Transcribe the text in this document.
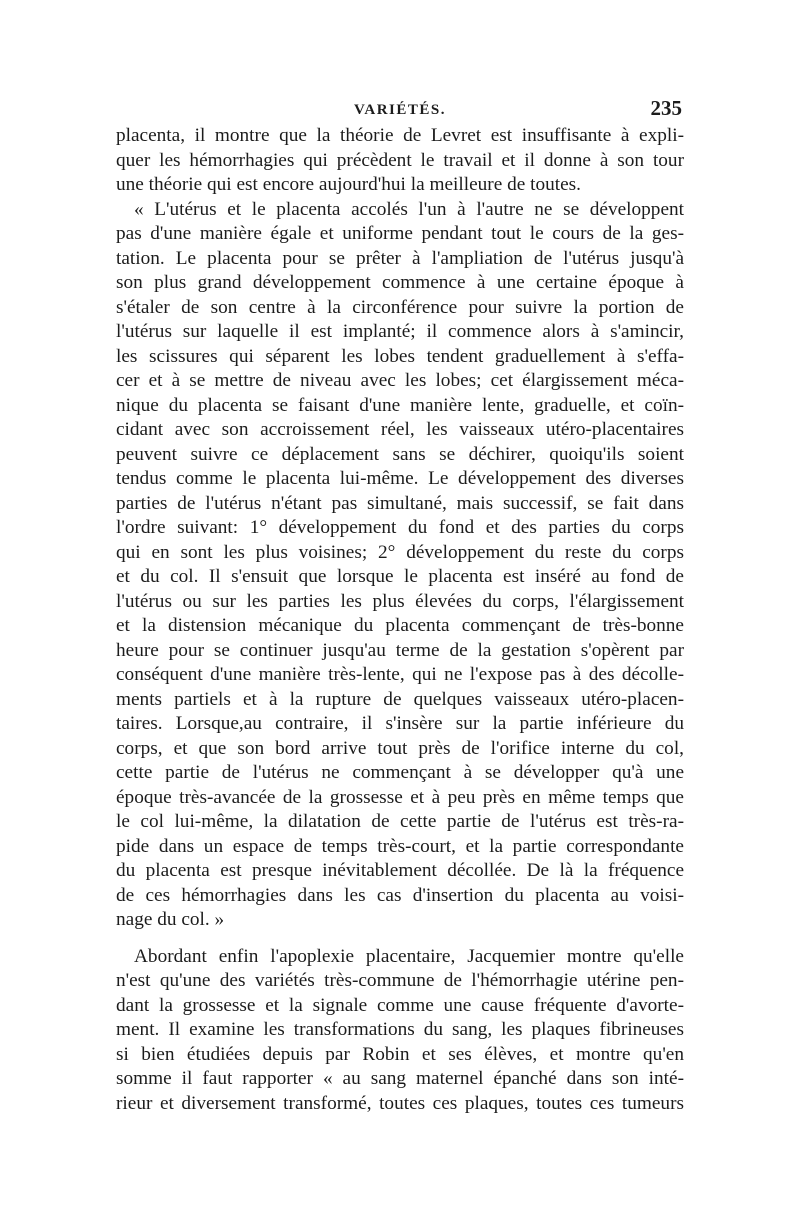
VARIÉTÉS.	235
placenta, il montre que la théorie de Levret est insuffisante à expli-
quer les hémorrhagies qui précèdent le travail et il donne à son tour
une théorie qui est encore aujourd'hui la meilleure de toutes.
« L'utérus et le placenta accolés l'un à l'autre ne se développent
pas d'une manière égale et uniforme pendant tout le cours de la ges-
tation. Le placenta pour se prêter à l'ampliation de l'utérus jusqu'à
son plus grand développement commence à une certaine époque à
s'étaler de son centre à la circonférence pour suivre la portion de
l'utérus sur laquelle il est implanté; il commence alors à s'amincir,
les scissures qui séparent les lobes tendent graduellement à s'effa-
cer et à se mettre de niveau avec les lobes; cet élargissement méca-
nique du placenta se faisant d'une manière lente, graduelle, et coïn-
cidant avec son accroissement réel, les vaisseaux utéro-placentaires
peuvent suivre ce déplacement sans se déchirer, quoiqu'ils soient
tendus comme le placenta lui-même. Le développement des diverses
parties de l'utérus n'étant pas simultané, mais successif, se fait dans
l'ordre suivant: 1° développement du fond et des parties du corps
qui en sont les plus voisines; 2° développement du reste du corps
et du col. Il s'ensuit que lorsque le placenta est inséré au fond de
l'utérus ou sur les parties les plus élevées du corps, l'élargissement
et la distension mécanique du placenta commençant de très-bonne
heure pour se continuer jusqu'au terme de la gestation s'opèrent par
conséquent d'une manière très-lente, qui ne l'expose pas à des décolle-
ments partiels et à la rupture de quelques vaisseaux utéro-placen-
taires. Lorsque,au contraire, il s'insère sur la partie inférieure du
corps, et que son bord arrive tout près de l'orifice interne du col,
cette partie de l'utérus ne commençant à se développer qu'à une
époque très-avancée de la grossesse et à peu près en même temps que
le col lui-même, la dilatation de cette partie de l'utérus est très-ra-
pide dans un espace de temps très-court, et la partie correspondante
du placenta est presque inévitablement décollée. De là la fréquence
de ces hémorrhagies dans les cas d'insertion du placenta au voisi-
nage du col. »
Abordant enfin l'apoplexie placentaire, Jacquemier montre qu'elle
n'est qu'une des variétés très-commune de l'hémorrhagie utérine pen-
dant la grossesse et la signale comme une cause fréquente d'avorte-
ment. Il examine les transformations du sang, les plaques fibrineuses
si bien étudiées depuis par Robin et ses élèves, et montre qu'en
somme il faut rapporter « au sang maternel épanché dans son inté-
rieur et diversement transformé, toutes ces plaques, toutes ces tumeurs
